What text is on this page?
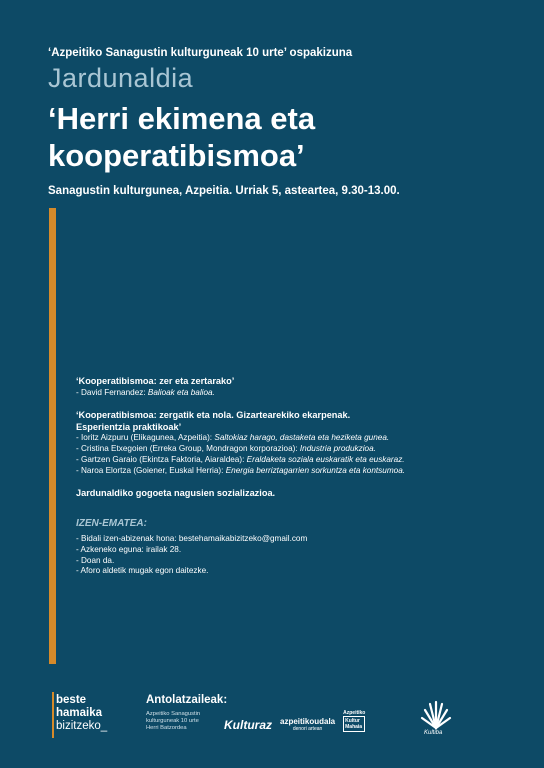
‘Azpeitiko Sanagustin kulturguneak 10 urte’ ospakizuna
Jardunaldia
‘Herri ekimena eta
kooperatibismoa’
Sanagustin kulturgunea, Azpeitia. Urriak 5, asteartea, 9.30-13.00.
‘Kooperatibismoa: zer eta zertarako’
- David Fernandez: Balioak eta balioa.
‘Kooperatibismoa: zergatik eta nola. Gizartearekiko ekarpenak.
Esperientzia praktikoak’
- Ioritz Aizpuru (Elikagunea, Azpeitia): Saltokiaz harago, dastaketa eta heziketa gunea.
- Cristina Etxegoien (Erreka Group, Mondragon korporazioa): Industria produkzioa.
- Gartzen Garaio (Ekintza Faktoria, Aiaraldea): Eraldaketa soziala euskaratik eta euskaraz.
- Naroa Elortza (Goiener, Euskal Herria): Energia berriztagarrien sorkuntza eta kontsumoa.
Jardunaldiko gogoeta nagusien sozializazioa.
IZEN-EMATEA:
- Bidali izen-abizenak hona: bestehamaikabizitzeko@gmail.com
- Azkeneko eguna: irailak 28.
- Doan da.
- Aforo aldetik mugak egon daitezke.
beste
hamaika
bizitzeko_
Antolatzaileak:
Azpeitiko Sanagustin
kulturguneak 10 urte
Herri Batzordea	Kulturaz azpeitikoudala
denori artean
Azpeitiko
Kultur
Mahaia
Kultiba
